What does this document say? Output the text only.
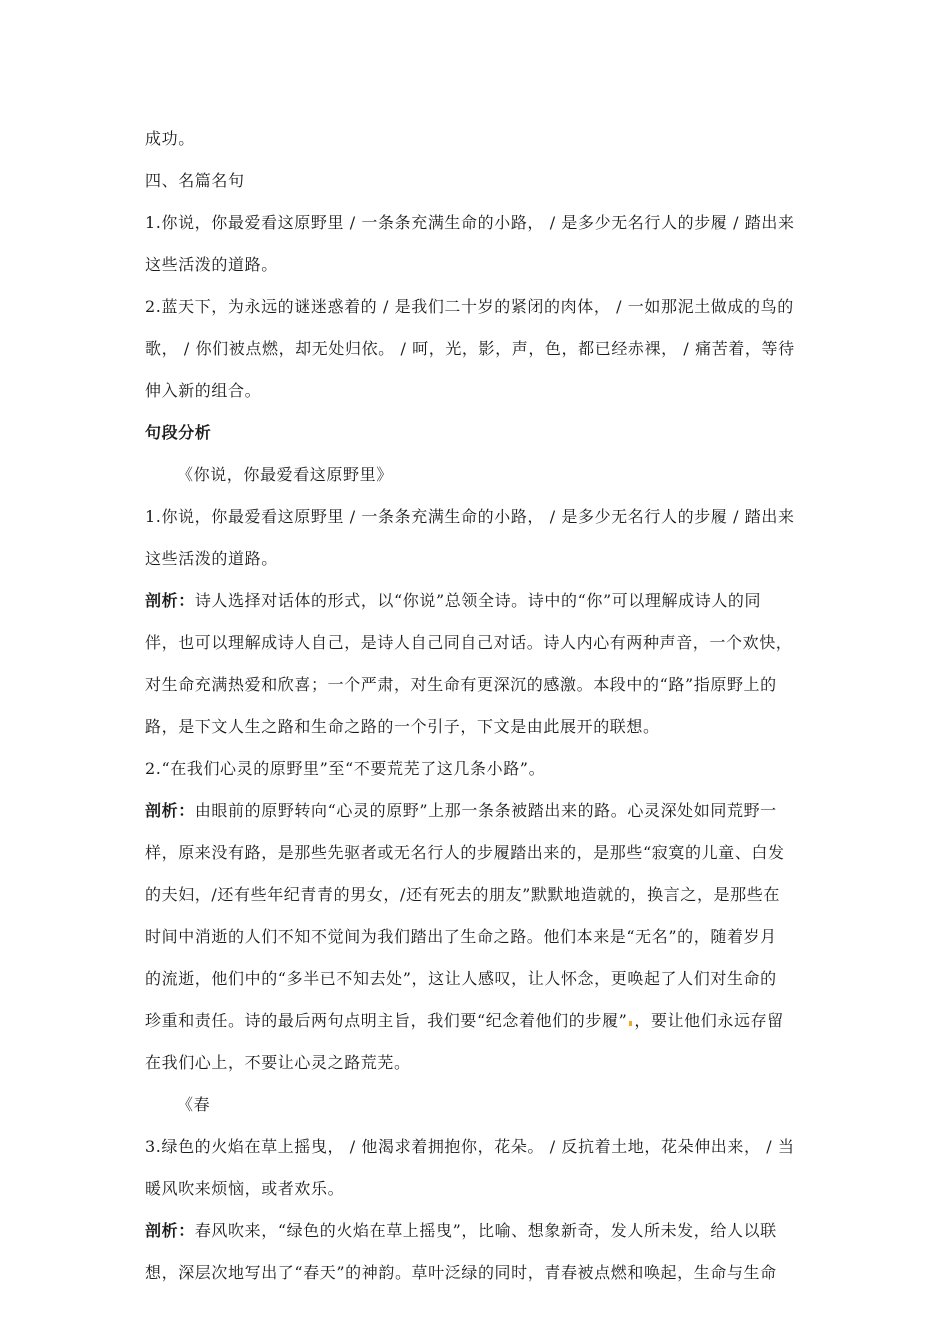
成功。
四、名篇名句
1.你说，你最爱看这原野里 / 一条条充满生命的小路， / 是多少无名行人的步履 / 踏出来
这些活泼的道路。
2.蓝天下，为永远的谜迷惑着的 / 是我们二十岁的紧闭的肉体， / 一如那泥土做成的鸟的
歌， / 你们被点燃，却无处归依。 / 呵，光，影，声，色，都已经赤裸， / 痛苦着，等待
伸入新的组合。
句段分析
《你说，你最爱看这原野里》
1.你说，你最爱看这原野里 / 一条条充满生命的小路， / 是多少无名行人的步履 / 踏出来
这些活泼的道路。
剖析：诗人选择对话体的形式，以“你说”总领全诗。诗中的“你”可以理解成诗人的同
伴，也可以理解成诗人自己，是诗人自己同自己对话。诗人内心有两种声音，一个欢快，
对生命充满热爱和欣喜；一个严肃，对生命有更深沉的感激。本段中的“路”指原野上的
路，是下文人生之路和生命之路的一个引子，下文是由此展开的联想。
2.“在我们心灵的原野里”至“不要荒芜了这几条小路”。
剖析：由眼前的原野转向“心灵的原野”上那一条条被踏出来的路。心灵深处如同荒野一
样，原来没有路，是那些先驱者或无名行人的步履踏出来的，是那些“寂寞的儿童、白发
的夫妇，/还有些年纪青青的男女，/还有死去的朋友”默默地造就的，换言之，是那些在
时间中消逝的人们不知不觉间为我们踏出了生命之路。他们本来是“无名”的，随着岁月
的流逝，他们中的“多半已不知去处”，这让人感叹，让人怀念，更唤起了人们对生命的
珍重和责任。诗的最后两句点明主旨，我们要“纪念着他们的步履” ，要让他们永远存留
在我们心上，不要让心灵之路荒芜。
《春
3.绿色的火焰在草上摇曳， / 他渴求着拥抱你，花朵。 / 反抗着土地，花朵伸出来， / 当
暖风吹来烦恼，或者欢乐。
剖析：春风吹来，“绿色的火焰在草上摇曳”，比喻、想象新奇，发人所未发，给人以联
想，深层次地写出了“春天”的神韵。草叶泛绿的同时，青春被点燃和唤起，生命与生命
